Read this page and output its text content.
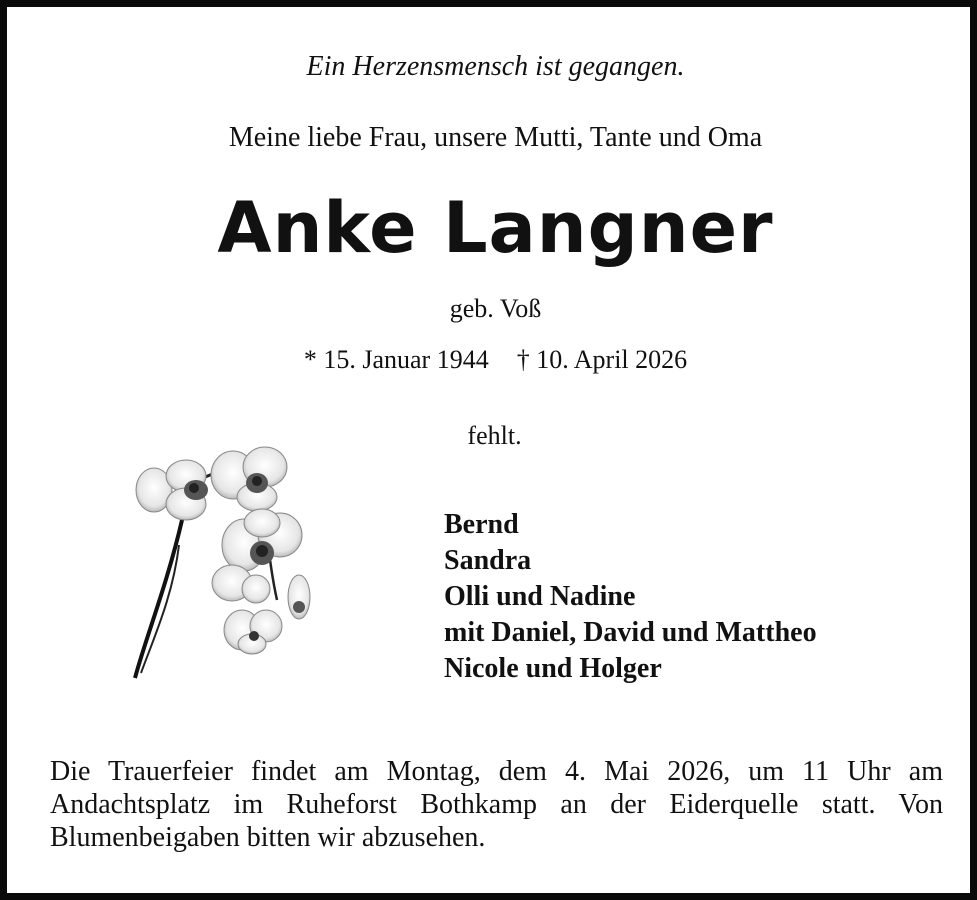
Ein Herzensmensch ist gegangen.
Meine liebe Frau, unsere Mutti, Tante und Oma
Anke Langner
geb. Voß
* 15. Januar 1944 † 10. April 2026
fehlt.
Bernd
Sandra
Olli und Nadine
mit Daniel, David und Mattheo
Nicole und Holger
Die Trauerfeier findet am Montag, dem 4. Mai 2026, um 11 Uhr am Andachtsplatz im Ruheforst Bothkamp an der Eiderquelle statt. Von Blumenbeigaben bitten wir abzusehen.
